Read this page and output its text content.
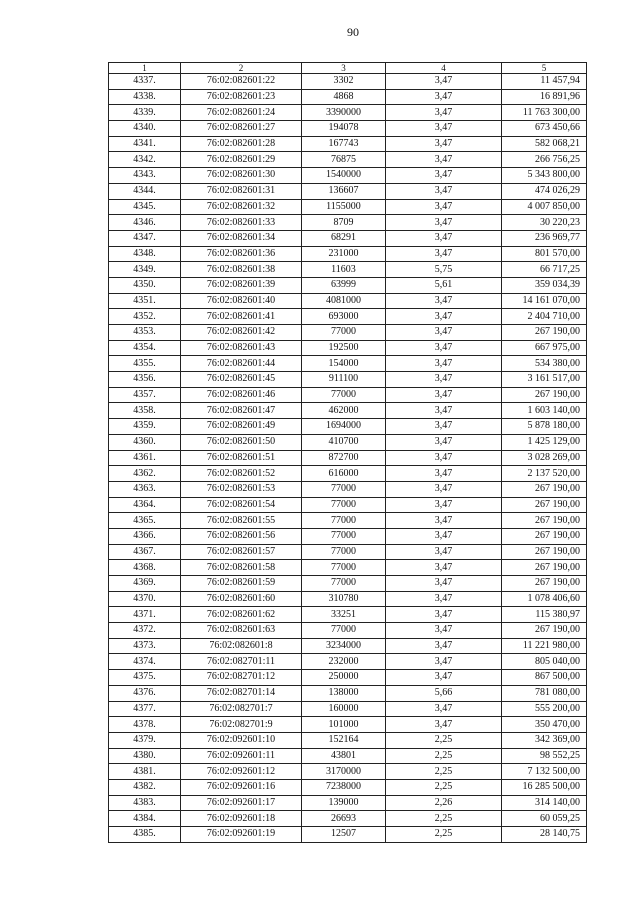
90
1	2	3	4	5
4337.	76:02:082601:22	3302	3,47	11 457,94
4338.	76:02:082601:23	4868	3,47	16 891,96
4339.	76:02:082601:24	3390000	3,47	11 763 300,00
4340.	76:02:082601:27	194078	3,47	673 450,66
4341.	76:02:082601:28	167743	3,47	582 068,21
4342.	76:02:082601:29	76875	3,47	266 756,25
4343.	76:02:082601:30	1540000	3,47	5 343 800,00
4344.	76:02:082601:31	136607	3,47	474 026,29
4345.	76:02:082601:32	1155000	3,47	4 007 850,00
4346.	76:02:082601:33	8709	3,47	30 220,23
4347.	76:02:082601:34	68291	3,47	236 969,77
4348.	76:02:082601:36	231000	3,47	801 570,00
4349.	76:02:082601:38	11603	5,75	66 717,25
4350.	76:02:082601:39	63999	5,61	359 034,39
4351.	76:02:082601:40	4081000	3,47	14 161 070,00
4352.	76:02:082601:41	693000	3,47	2 404 710,00
4353.	76:02:082601:42	77000	3,47	267 190,00
4354.	76:02:082601:43	192500	3,47	667 975,00
4355.	76:02:082601:44	154000	3,47	534 380,00
4356.	76:02:082601:45	911100	3,47	3 161 517,00
4357.	76:02:082601:46	77000	3,47	267 190,00
4358.	76:02:082601:47	462000	3,47	1 603 140,00
4359.	76:02:082601:49	1694000	3,47	5 878 180,00
4360.	76:02:082601:50	410700	3,47	1 425 129,00
4361.	76:02:082601:51	872700	3,47	3 028 269,00
4362.	76:02:082601:52	616000	3,47	2 137 520,00
4363.	76:02:082601:53	77000	3,47	267 190,00
4364.	76:02:082601:54	77000	3,47	267 190,00
4365.	76:02:082601:55	77000	3,47	267 190,00
4366.	76:02:082601:56	77000	3,47	267 190,00
4367.	76:02:082601:57	77000	3,47	267 190,00
4368.	76:02:082601:58	77000	3,47	267 190,00
4369.	76:02:082601:59	77000	3,47	267 190,00
4370.	76:02:082601:60	310780	3,47	1 078 406,60
4371.	76:02:082601:62	33251	3,47	115 380,97
4372.	76:02:082601:63	77000	3,47	267 190,00
4373.	76:02:082601:8	3234000	3,47	11 221 980,00
4374.	76:02:082701:11	232000	3,47	805 040,00
4375.	76:02:082701:12	250000	3,47	867 500,00
4376.	76:02:082701:14	138000	5,66	781 080,00
4377.	76:02:082701:7	160000	3,47	555 200,00
4378.	76:02:082701:9	101000	3,47	350 470,00
4379.	76:02:092601:10	152164	2,25	342 369,00
4380.	76:02:092601:11	43801	2,25	98 552,25
4381.	76:02:092601:12	3170000	2,25	7 132 500,00
4382.	76:02:092601:16	7238000	2,25	16 285 500,00
4383.	76:02:092601:17	139000	2,26	314 140,00
4384.	76:02:092601:18	26693	2,25	60 059,25
4385.	76:02:092601:19	12507	2,25	28 140,75
